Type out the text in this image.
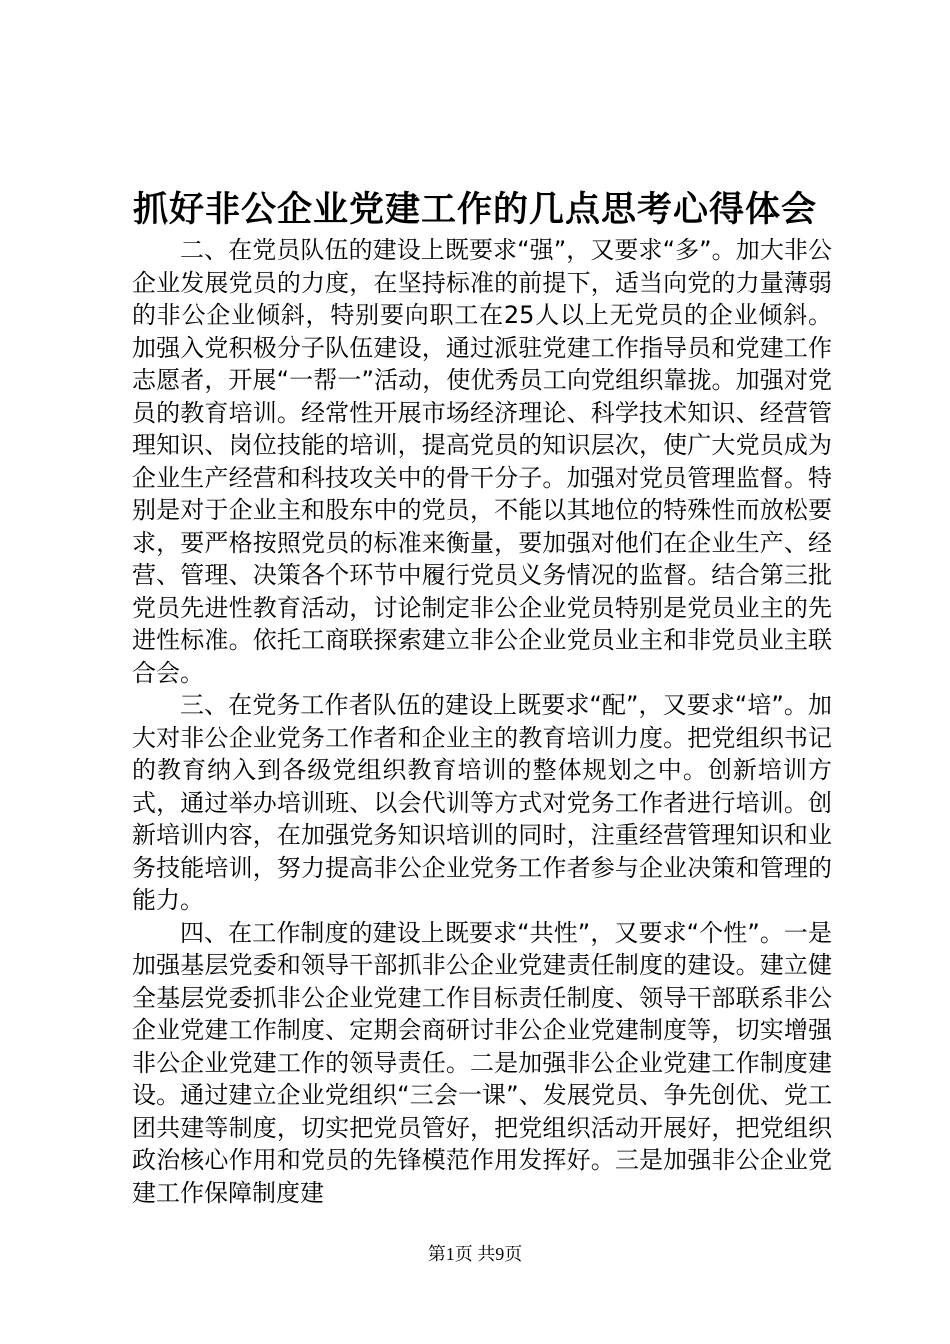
抓好非公企业党建工作的几点思考心得体会

二、在党员队伍的建设上既要求“强”，又要求“多”。加大非公企业发展党员的力度，在坚持标准的前提下，适当向党的力量薄弱的非公企业倾斜，特别要向职工在25人以上无党员的企业倾斜。加强入党积极分子队伍建设，通过派驻党建工作指导员和党建工作志愿者，开展“一帮一”活动，使优秀员工向党组织靠拢。加强对党员的教育培训。经常性开展市场经济理论、科学技术知识、经营管理知识、岗位技能的培训，提高党员的知识层次，使广大党员成为企业生产经营和科技攻关中的骨干分子。加强对党员管理监督。特别是对于企业主和股东中的党员，不能以其地位的特殊性而放松要求，要严格按照党员的标准来衡量，要加强对他们在企业生产、经营、管理、决策各个环节中履行党员义务情况的监督。结合第三批党员先进性教育活动，讨论制定非公企业党员特别是党员业主的先进性标准。依托工商联探索建立非公企业党员业主和非党员业主联合会。

三、在党务工作者队伍的建设上既要求“配”，又要求“培”。加大对非公企业党务工作者和企业主的教育培训力度。把党组织书记的教育纳入到各级党组织教育培训的整体规划之中。创新培训方式，通过举办培训班、以会代训等方式对党务工作者进行培训。创新培训内容，在加强党务知识培训的同时，注重经营管理知识和业务技能培训，努力提高非公企业党务工作者参与企业决策和管理的能力。

四、在工作制度的建设上既要求“共性”，又要求“个性”。一是加强基层党委和领导干部抓非公企业党建责任制度的建设。建立健全基层党委抓非公企业党建工作目标责任制度、领导干部联系非公企业党建工作制度、定期会商研讨非公企业党建制度等，切实增强非公企业党建工作的领导责任。二是加强非公企业党建工作制度建设。通过建立企业党组织“三会一课”、发展党员、争先创优、党工团共建等制度，切实把党员管好，把党组织活动开展好，把党组织政治核心作用和党员的先锋模范作用发挥好。三是加强非公企业党建工作保障制度建

第1页 共9页
